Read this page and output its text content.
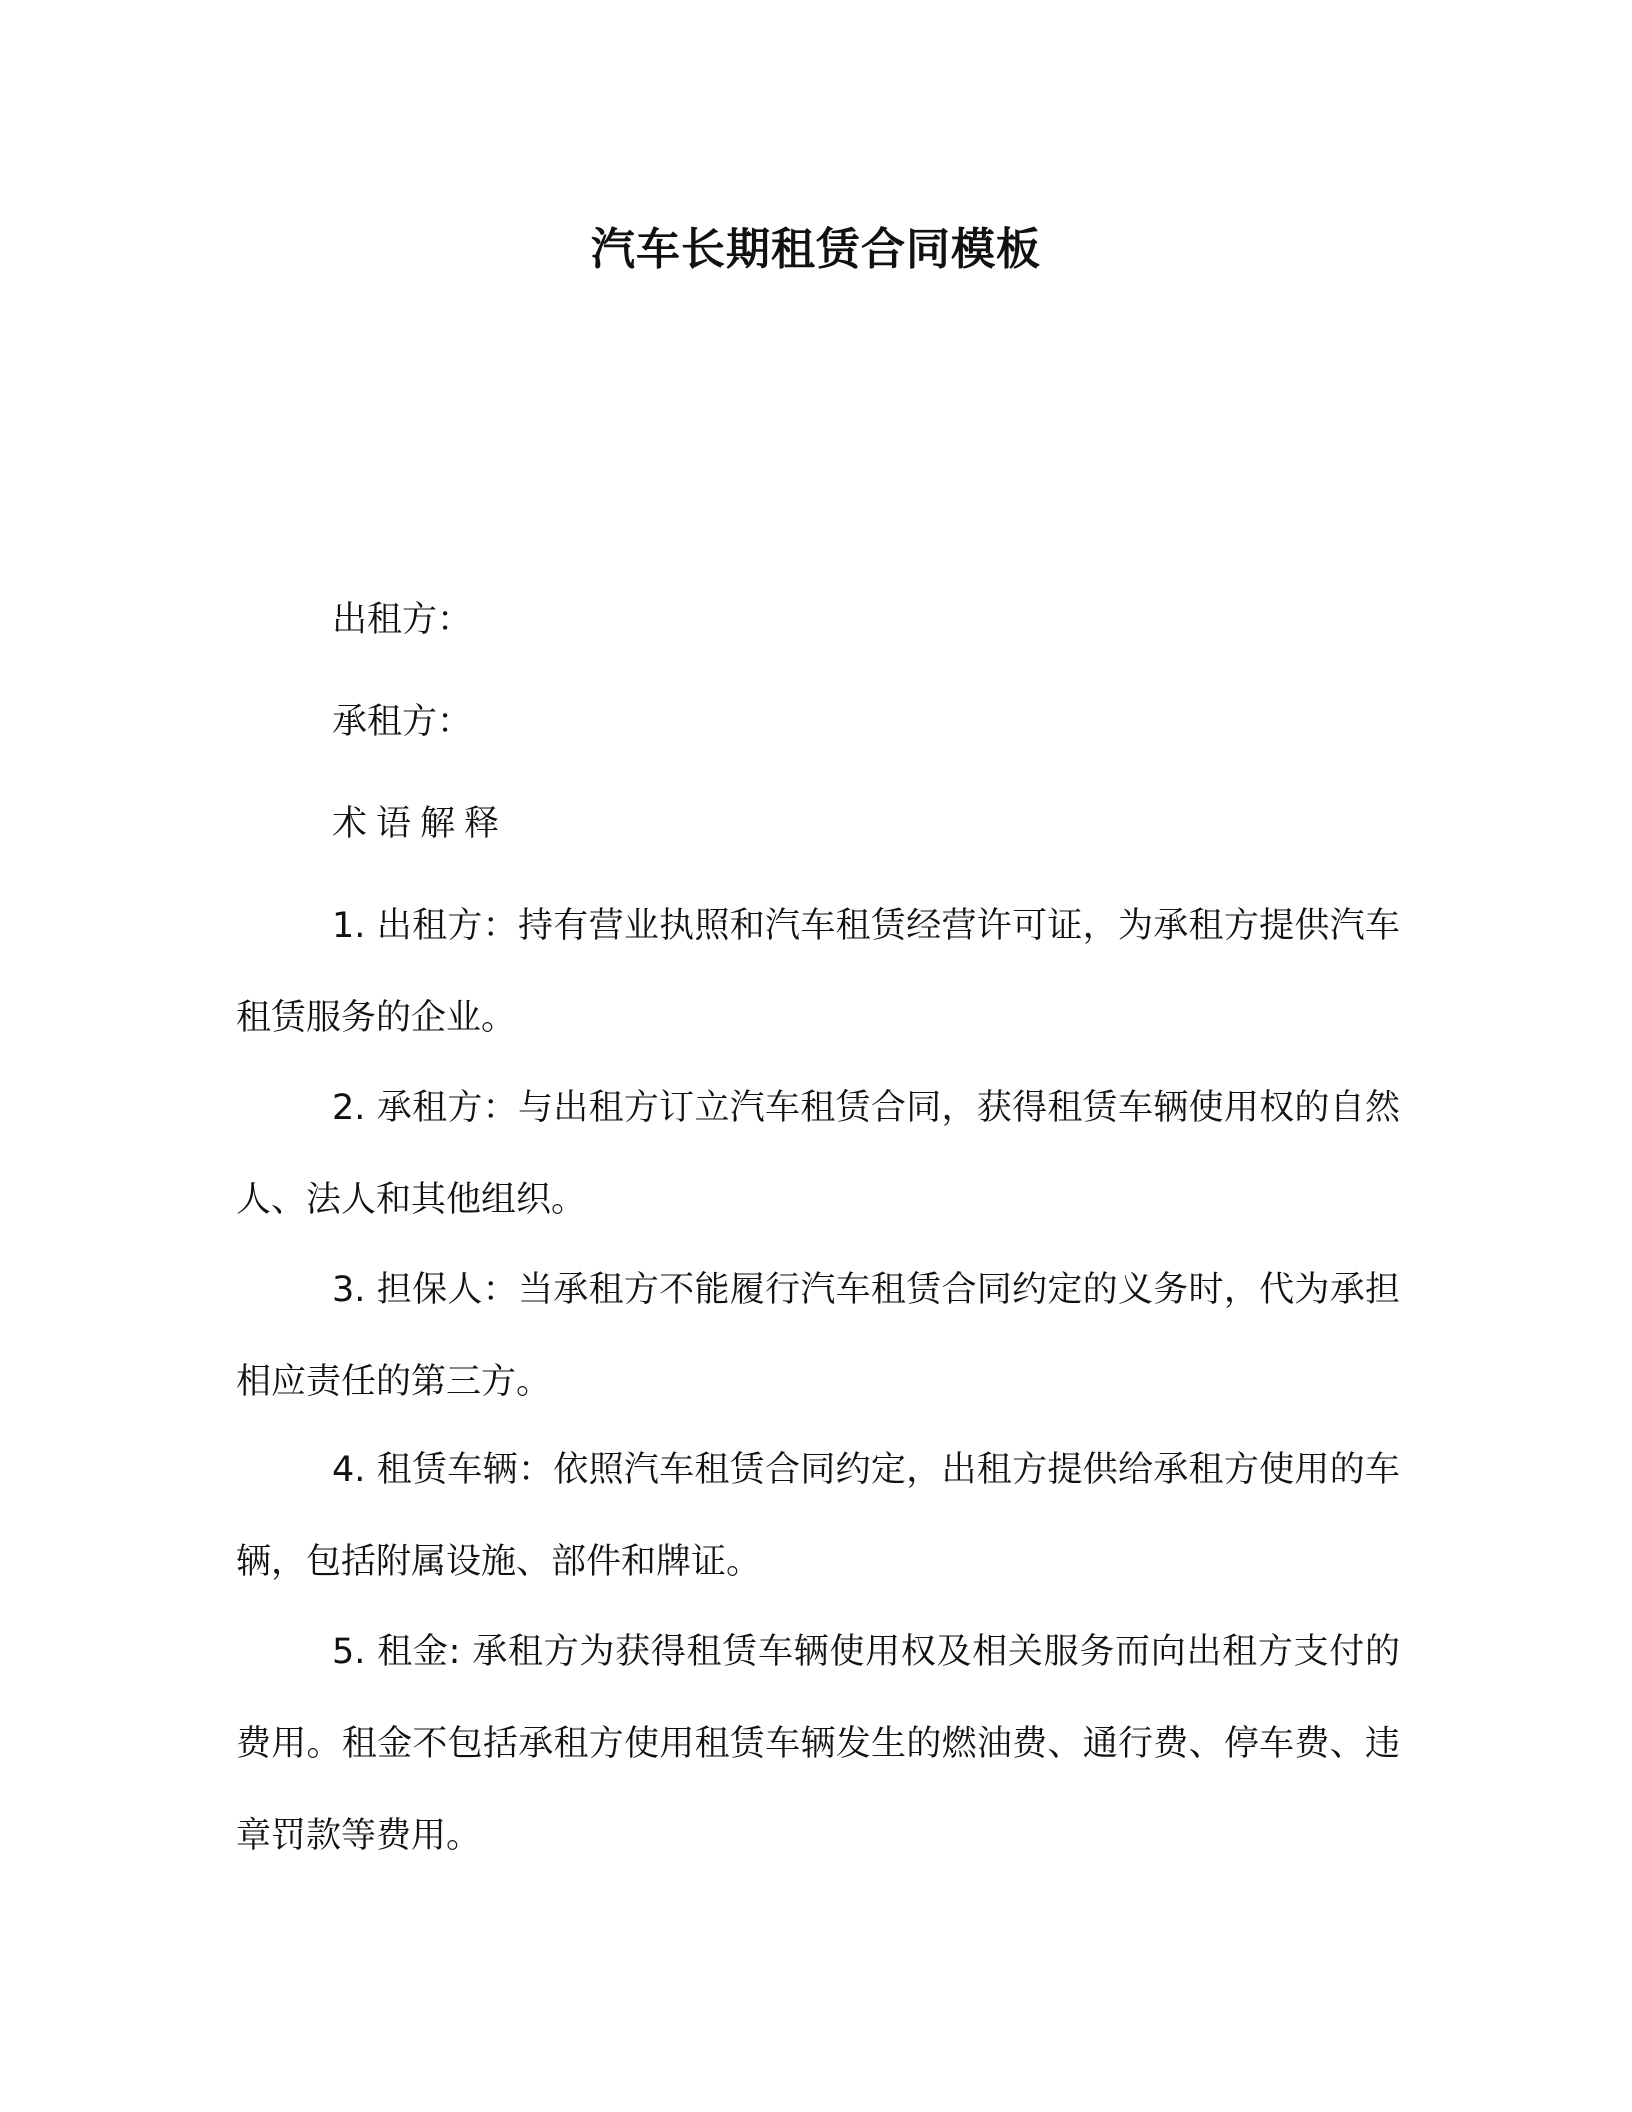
汽车长期租赁合同模板
出租方：
承租方：
术语解释
1. 出租方：持有营业执照和汽车租赁经营许可证，为承租方提供汽车租赁服务的企业。
2. 承租方：与出租方订立汽车租赁合同，获得租赁车辆使用权的自然人、法人和其他组织。
3. 担保人：当承租方不能履行汽车租赁合同约定的义务时，代为承担相应责任的第三方。
4. 租赁车辆：依照汽车租赁合同约定，出租方提供给承租方使用的车辆，包括附属设施、部件和牌证。
5. 租金: 承租方为获得租赁车辆使用权及相关服务而向出租方支付的费用。租金不包括承租方使用租赁车辆发生的燃油费、通行费、停车费、违章罚款等费用。
